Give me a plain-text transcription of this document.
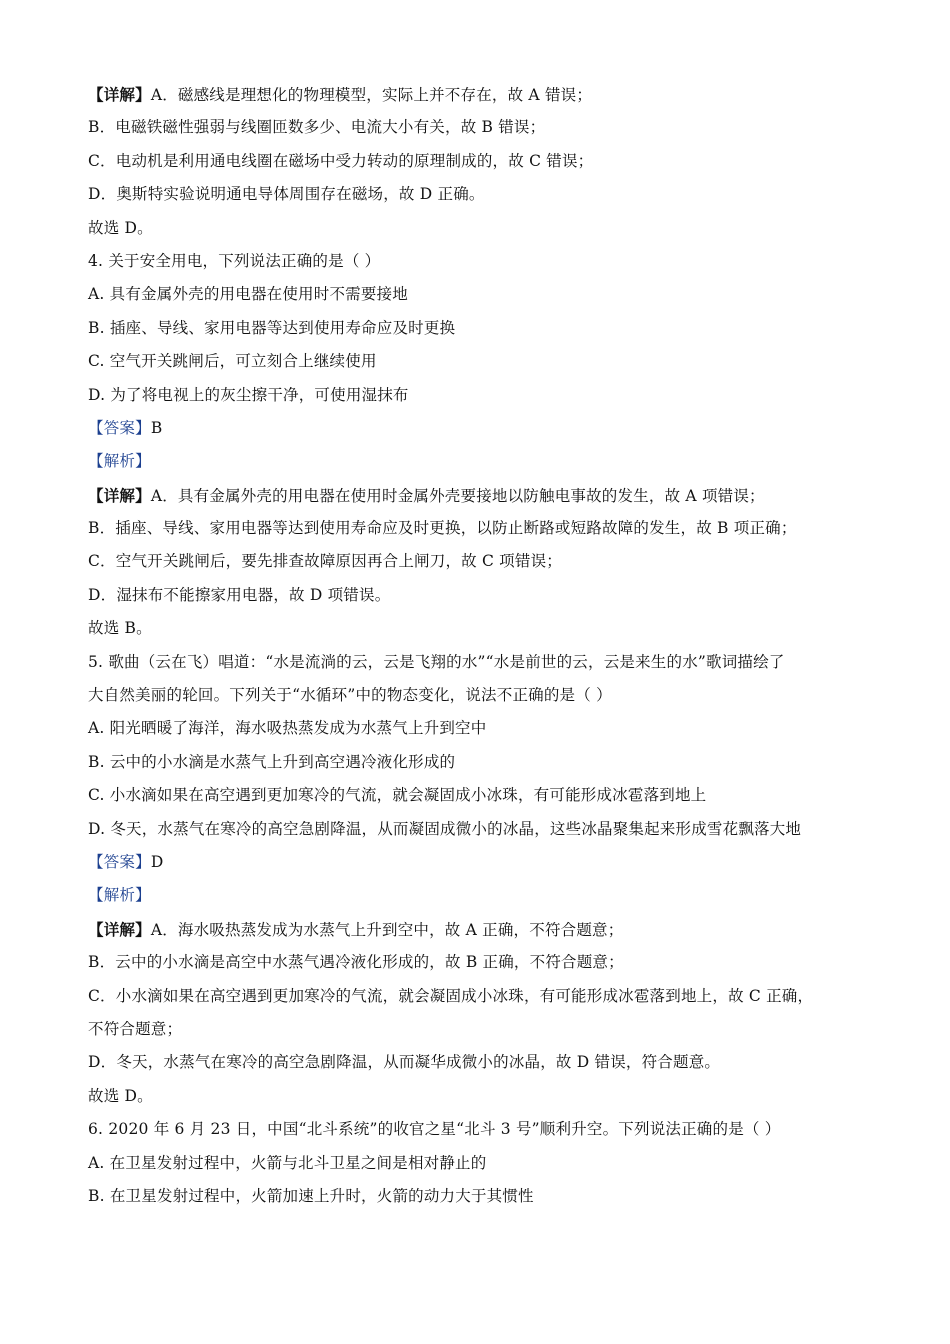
【详解】A．磁感线是理想化的物理模型，实际上并不存在，故 A 错误；
B．电磁铁磁性强弱与线圈匝数多少、电流大小有关，故 B 错误；
C．电动机是利用通电线圈在磁场中受力转动的原理制成的，故 C 错误；
D．奥斯特实验说明通电导体周围存在磁场，故 D 正确。
故选 D。
4. 关于安全用电，下列说法正确的是（ ）
A. 具有金属外壳的用电器在使用时不需要接地
B. 插座、导线、家用电器等达到使用寿命应及时更换
C. 空气开关跳闸后，可立刻合上继续使用
D. 为了将电视上的灰尘擦干净，可使用湿抹布
【答案】B
【解析】
【详解】A．具有金属外壳的用电器在使用时金属外壳要接地以防触电事故的发生，故 A 项错误；
B．插座、导线、家用电器等达到使用寿命应及时更换，以防止断路或短路故障的发生，故 B 项正确；
C．空气开关跳闸后，要先排查故障原因再合上闸刀，故 C 项错误；
D．湿抹布不能擦家用电器，故 D 项错误。
故选 B。
5. 歌曲（云在飞）唱道：“水是流淌的云，云是飞翔的水”“水是前世的云，云是来生的水”歌词描绘了
大自然美丽的轮回。下列关于“水循环”中的物态变化，说法不正确的是（ ）
A. 阳光晒暖了海洋，海水吸热蒸发成为水蒸气上升到空中
B. 云中的小水滴是水蒸气上升到高空遇冷液化形成的
C. 小水滴如果在高空遇到更加寒冷的气流，就会凝固成小冰珠，有可能形成冰雹落到地上
D. 冬天，水蒸气在寒冷的高空急剧降温，从而凝固成微小的冰晶，这些冰晶聚集起来形成雪花飘落大地
【答案】D
【解析】
【详解】A．海水吸热蒸发成为水蒸气上升到空中，故 A 正确，不符合题意；
B．云中的小水滴是高空中水蒸气遇冷液化形成的，故 B 正确，不符合题意；
C．小水滴如果在高空遇到更加寒冷的气流，就会凝固成小冰珠，有可能形成冰雹落到地上，故 C 正确，
不符合题意；
D．冬天，水蒸气在寒冷的高空急剧降温，从而凝华成微小的冰晶，故 D 错误，符合题意。
故选 D。
6. 2020 年 6 月 23 日，中国“北斗系统”的收官之星“北斗 3 号”顺利升空。下列说法正确的是（ ）
A. 在卫星发射过程中，火箭与北斗卫星之间是相对静止的
B. 在卫星发射过程中，火箭加速上升时，火箭的动力大于其惯性
